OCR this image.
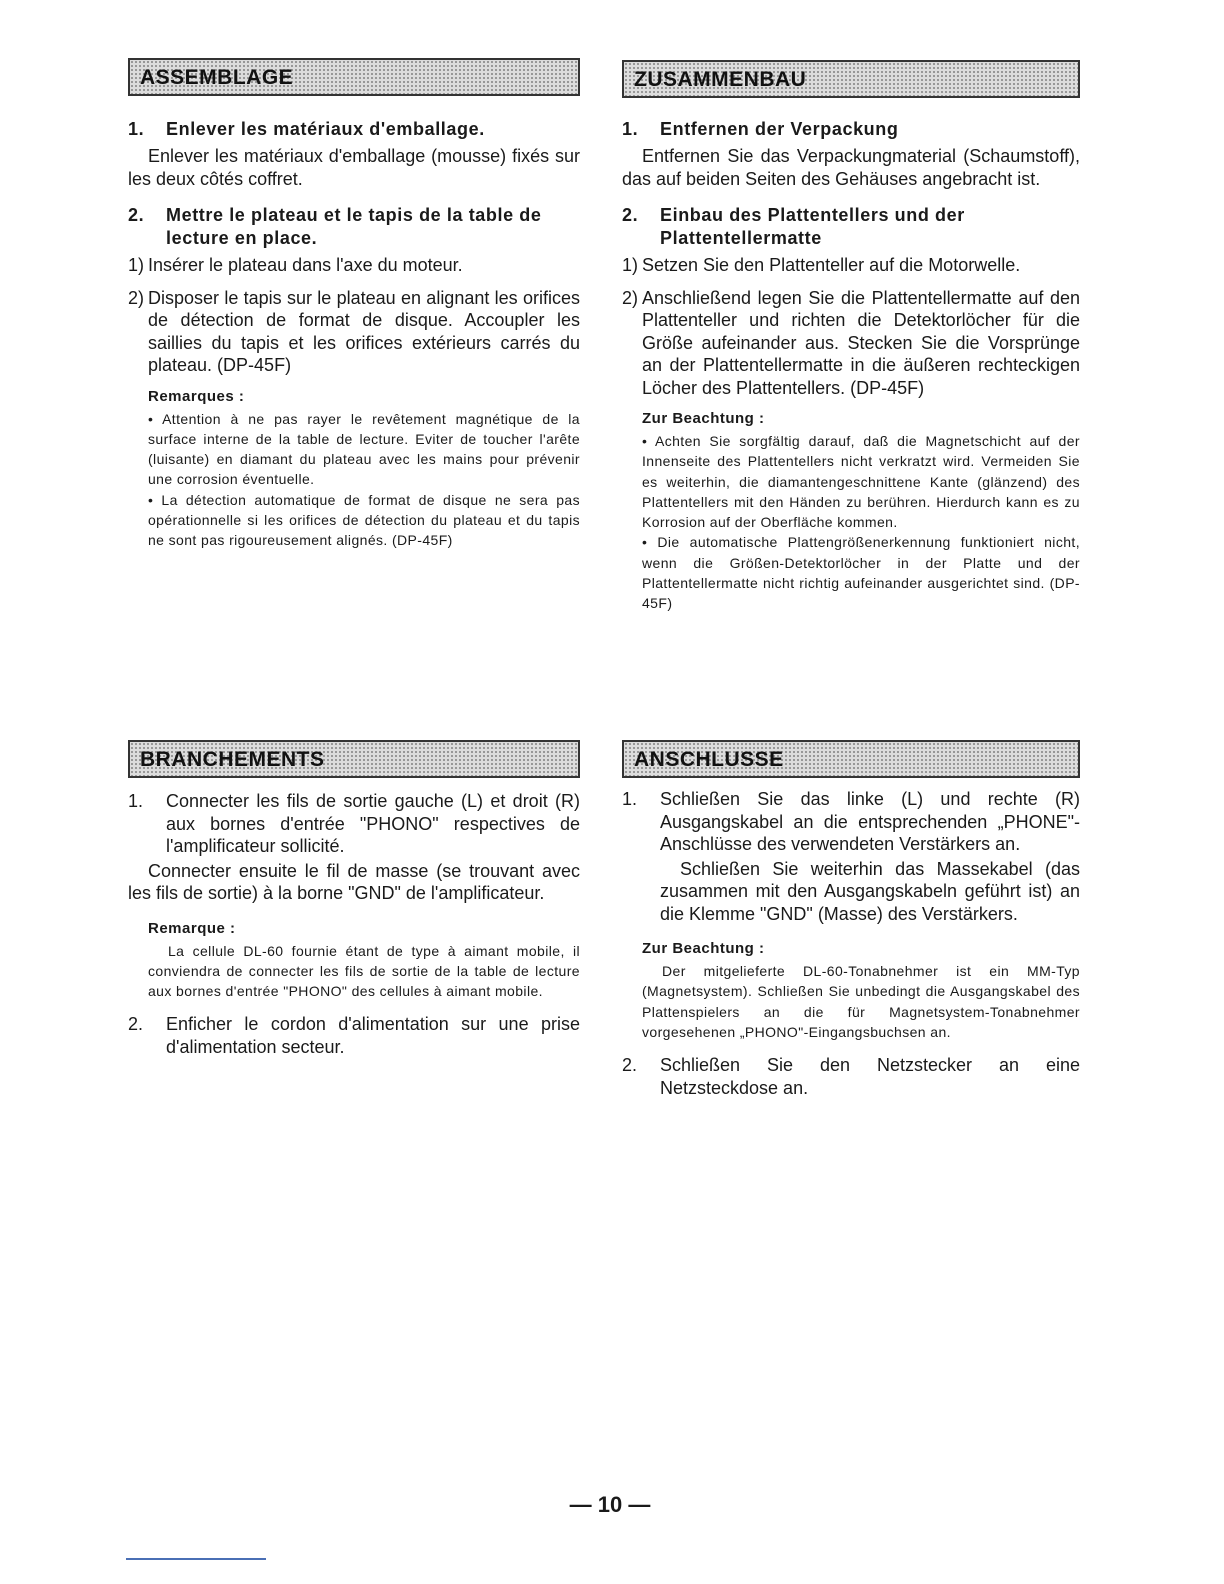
ASSEMBLAGE
1.	Enlever les matériaux d'emballage.

Enlever les matériaux d'emballage (mousse) fixés sur les deux côtés coffret.

2.	Mettre le plateau et le tapis de la table de lecture en place.
1) Insérer le plateau dans l'axe du moteur.
2) Disposer le tapis sur le plateau en alignant les orifices de détection de format de disque. Accoupler les saillies du tapis et les orifices extérieurs carrés du plateau. (DP-45F)
Remarques :

• Attention à ne pas rayer le revêtement magnétique de la surface interne de la table de lecture. Eviter de toucher l'arête (luisante) en diamant du plateau avec les mains pour prévenir une corrosion éventuelle.

• La détection automatique de format de disque ne sera pas opérationnelle si les orifices de détection du plateau et du tapis ne sont pas rigoureusement alignés. (DP-45F)

ZUSAMMENBAU
1.	Entfernen der Verpackung

Entfernen Sie das Verpackungmaterial (Schaumstoff), das auf beiden Seiten des Gehäuses angebracht ist.

2.	Einbau des Plattentellers und der Plattentellermatte
1) Setzen Sie den Plattenteller auf die Motorwelle.
2) Anschließend legen Sie die Plattentellermatte auf den Plattenteller und richten die Detektorlöcher für die Größe aufeinander aus. Stecken Sie die Vorsprünge an der Plattentellermatte in die äußeren rechteckigen Löcher des Plattentellers. (DP-45F)
Zur Beachtung :

• Achten Sie sorgfältig darauf, daß die Magnetschicht auf der Innenseite des Plattentellers nicht verkratzt wird. Vermeiden Sie es weiterhin, die diamantengeschnittene Kante (glänzend) des Plattentellers mit den Händen zu berühren. Hierdurch kann es zu Korrosion auf der Oberfläche kommen.

• Die automatische Plattengrößenerkennung funktioniert nicht, wenn die Größen-Detektorlöcher in der Platte und der Plattentellermatte nicht richtig aufeinander ausgerichtet sind. (DP-45F)

BRANCHEMENTS
1.	Connecter les fils de sortie gauche (L) et droit (R) aux bornes d'entrée "PHONO" respectives de l'amplificateur sollicité.

Connecter ensuite le fil de masse (se trouvant avec les fils de sortie) à la borne "GND" de l'amplificateur.

Remarque :

La cellule DL-60 fournie étant de type à aimant mobile, il conviendra de connecter les fils de sortie de la table de lecture aux bornes d'entrée "PHONO" des cellules à aimant mobile.

2.	Enficher le cordon d'alimentation sur une prise d'alimentation secteur.
ANSCHLUSSE
1.	Schließen Sie das linke (L) und rechte (R) Ausgangskabel an die entsprechenden „PHONE"-Anschlüsse des verwendeten Verstärkers an.

Schließen Sie weiterhin das Massekabel (das zusammen mit den Ausgangskabeln geführt ist) an die Klemme "GND" (Masse) des Verstärkers.

Zur Beachtung :

Der mitgelieferte DL-60-Tonabnehmer ist ein MM-Typ (Magnetsystem). Schließen Sie unbedingt die Ausgangskabel des Plattenspielers an die für Magnetsystem-Tonabnehmer vorgesehenen „PHONO"-Eingangsbuchsen an.

2.	Schließen Sie den Netzstecker an eine Netzsteckdose an.
— 10 —
